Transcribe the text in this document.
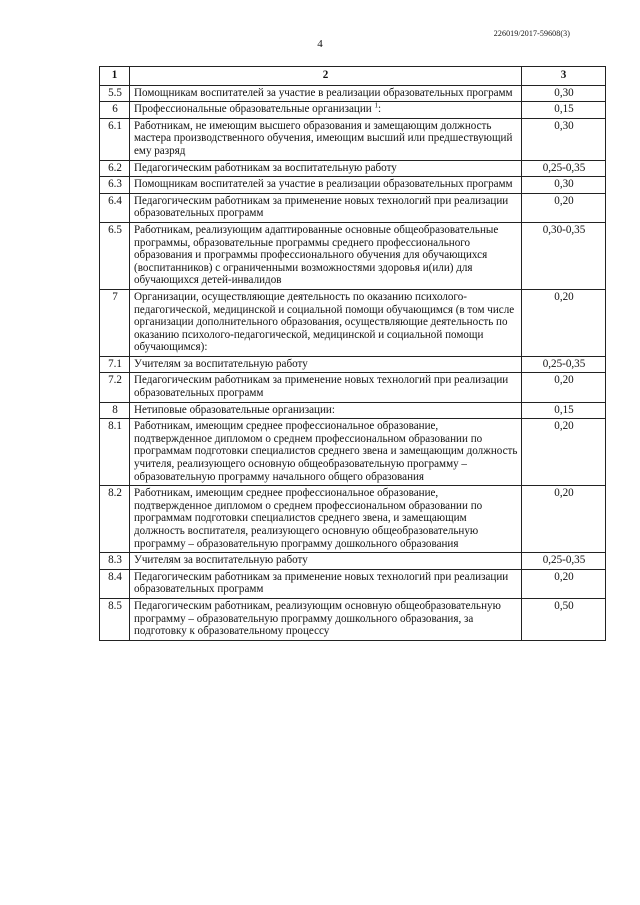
226019/2017-59608(3)
4
1	2	3
5.5	Помощникам воспитателей за участие в реализации образовательных программ	0,30
6	Профессиональные образовательные организации $^1$:	0,15
6.1	Работникам, не имеющим высшего образования и замещающим должность мастера производственного обучения, имеющим высший или предшествующий ему разряд	0,30
6.2	Педагогическим работникам за воспитательную работу	0,25-0,35
6.3	Помощникам воспитателей за участие в реализации образовательных программ	0,30
6.4	Педагогическим работникам за применение новых технологий при реализации образовательных программ	0,20
6.5	Работникам, реализующим адаптированные основные общеобразовательные программы, образовательные программы среднего профессионального образования и программы профессионального обучения для обучающихся (воспитанников) с ограниченными возможностями здоровья и(или) для обучающихся детей-инвалидов	0,30-0,35
7	Организации, осуществляющие деятельность по оказанию психолого-педагогической, медицинской и социальной помощи обучающимся (в том числе организации дополнительного образования, осуществляющие деятельность по оказанию психолого-педагогической, медицинской и социальной помощи обучающимся):	0,20
7.1	Учителям за воспитательную работу	0,25-0,35
7.2	Педагогическим работникам за применение новых технологий при реализации образовательных программ	0,20
8	Нетиповые образовательные организации:	0,15
8.1	Работникам, имеющим среднее профессиональное образование, подтвержденное дипломом о среднем профессиональном образовании по программам подготовки специалистов среднего звена и замещающим должность учителя, реализующего основную общеобразовательную программу – образовательную программу начального общего образования	0,20
8.2	Работникам, имеющим среднее профессиональное образование, подтвержденное дипломом о среднем профессиональном образовании по программам подготовки специалистов среднего звена, и замещающим должность воспитателя, реализующего основную общеобразовательную программу – образовательную программу дошкольного образования	0,20
8.3	Учителям за воспитательную работу	0,25-0,35
8.4	Педагогическим работникам за применение новых технологий при реализации образовательных программ	0,20
8.5	Педагогическим работникам, реализующим основную общеобразовательную программу – образовательную программу дошкольного образования, за подготовку к образовательному процессу	0,50
